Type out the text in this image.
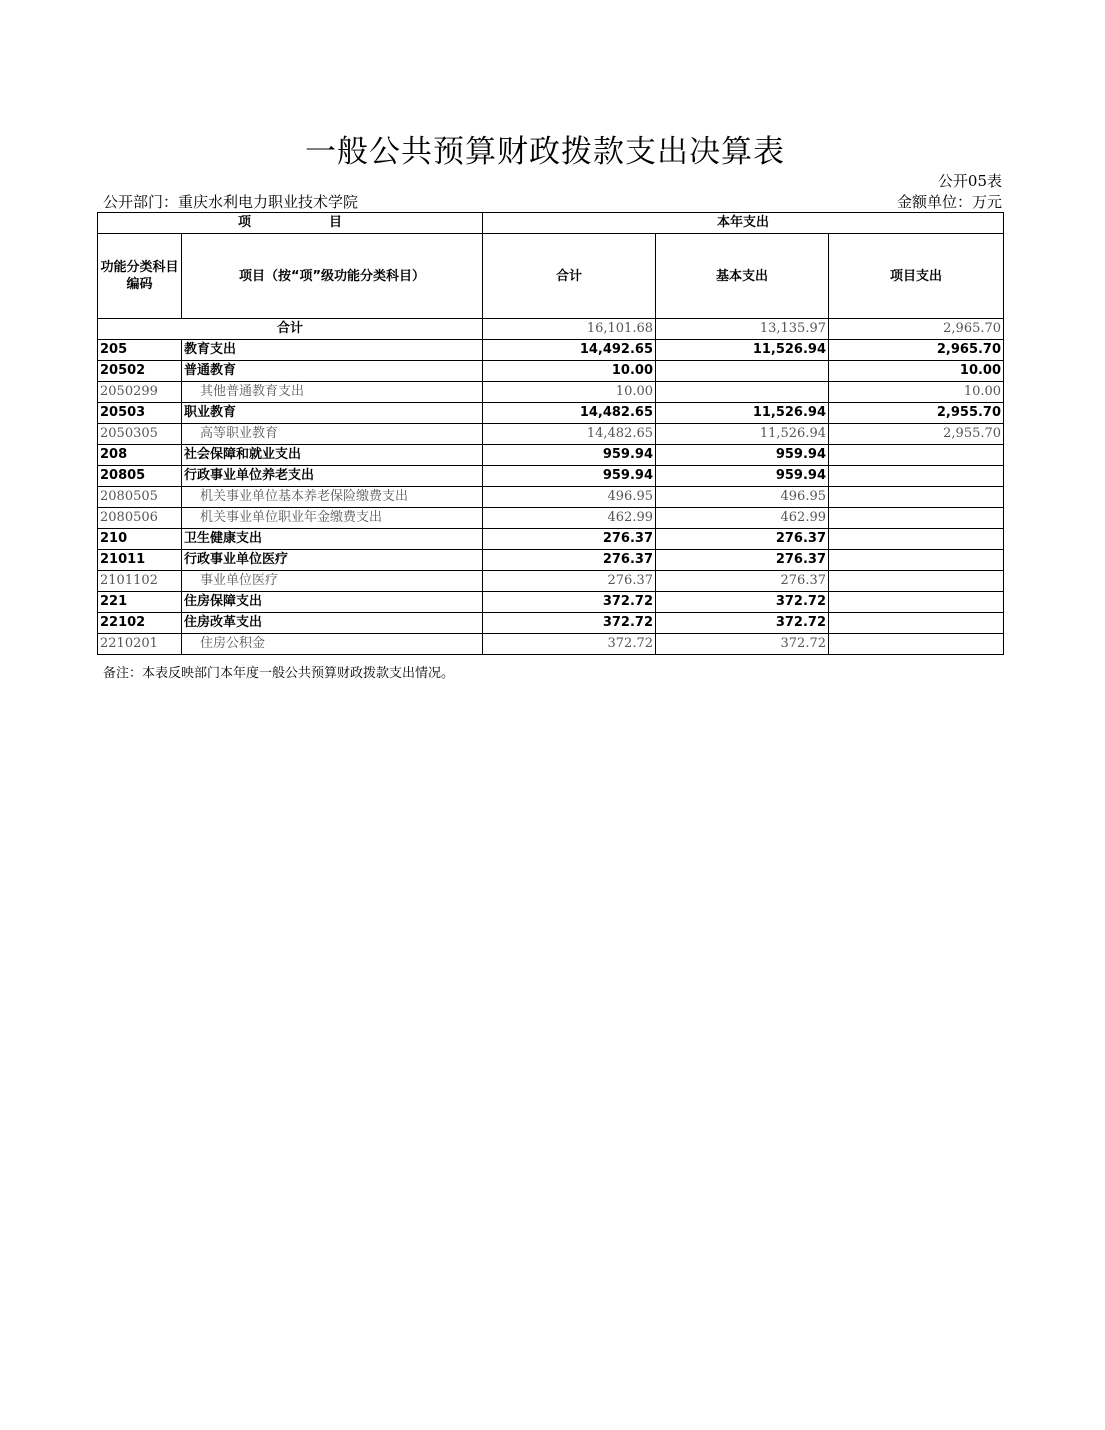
一般公共预算财政拨款支出决算表
公开05表
公开部门：重庆水利电力职业技术学院	金额单位：万元
项　　　　　　目		本年支出		
功能分类科目编码	项目（按“项”级功能分类科目）	合计	基本支出	项目支出
合计		16,101.68	13,135.97	2,965.70
205	教育支出	14,492.65	11,526.94	2,965.70
20502	普通教育	10.00		10.00
2050299	其他普通教育支出	10.00		10.00
20503	职业教育	14,482.65	11,526.94	2,955.70
2050305	高等职业教育	14,482.65	11,526.94	2,955.70
208	社会保障和就业支出	959.94	959.94	
20805	行政事业单位养老支出	959.94	959.94	
2080505	机关事业单位基本养老保险缴费支出	496.95	496.95	
2080506	机关事业单位职业年金缴费支出	462.99	462.99	
210	卫生健康支出	276.37	276.37	
21011	行政事业单位医疗	276.37	276.37	
2101102	事业单位医疗	276.37	276.37	
221	住房保障支出	372.72	372.72	
22102	住房改革支出	372.72	372.72	
2210201	住房公积金	372.72	372.72	
备注：本表反映部门本年度一般公共预算财政拨款支出情况。
